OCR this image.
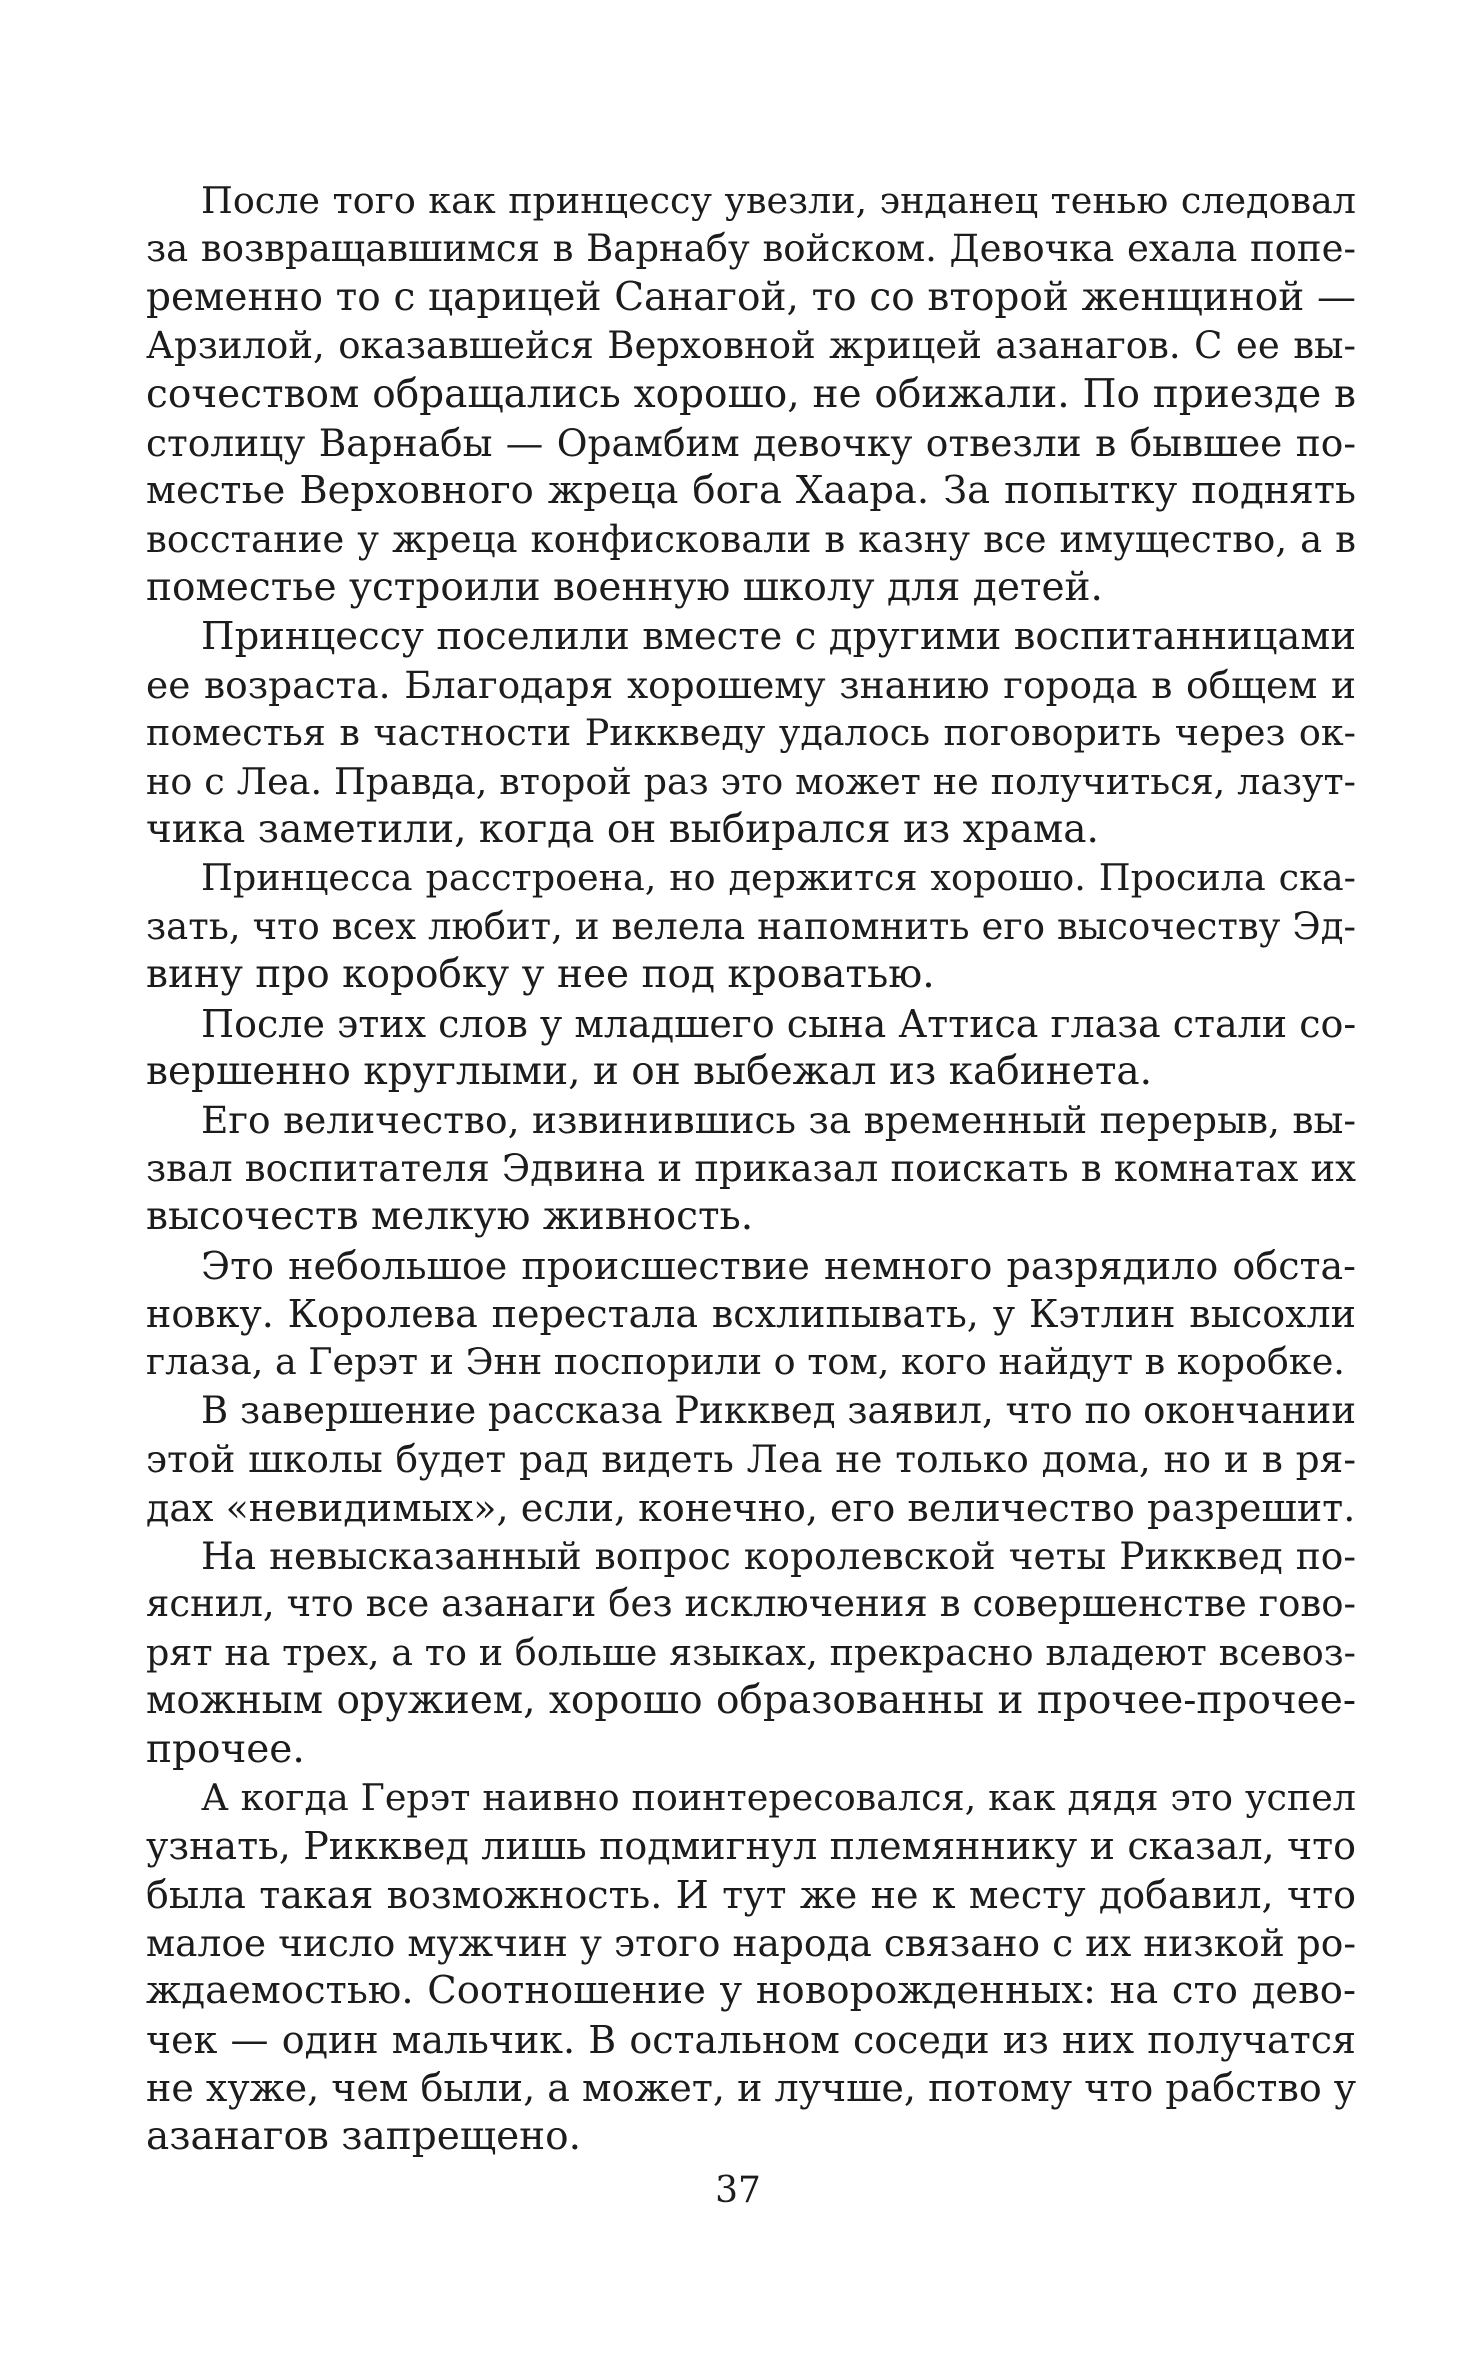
После того как принцессу увезли, энданец тенью следовал
за возвращавшимся в Варнабу войском. Девочка ехала попе-
ременно то с царицей Санагой, то со второй женщиной —
Арзилой, оказавшейся Верховной жрицей азанагов. С ее вы-
сочеством обращались хорошо, не обижали. По приезде в
столицу Варнабы — Орамбим девочку отвезли в бывшее по-
местье Верховного жреца бога Хаара. За попытку поднять
восстание у жреца конфисковали в казну все имущество, а в
поместье устроили военную школу для детей.
Принцессу поселили вместе с другими воспитанницами
ее возраста. Благодаря хорошему знанию города в общем и
поместья в частности Риккведу удалось поговорить через ок-
но с Леа. Правда, второй раз это может не получиться, лазут-
чика заметили, когда он выбирался из храма.
Принцесса расстроена, но держится хорошо. Просила ска-
зать, что всех любит, и велела напомнить его высочеству Эд-
вину про коробку у нее под кроватью.
После этих слов у младшего сына Аттиса глаза стали со-
вершенно круглыми, и он выбежал из кабинета.
Его величество, извинившись за временный перерыв, вы-
звал воспитателя Эдвина и приказал поискать в комнатах их
высочеств мелкую живность.
Это небольшое происшествие немного разрядило обста-
новку. Королева перестала всхлипывать, у Кэтлин высохли
глаза, а Герэт и Энн поспорили о том, кого найдут в коробке.
В завершение рассказа Рикквед заявил, что по окончании
этой школы будет рад видеть Леа не только дома, но и в ря-
дах «невидимых», если, конечно, его величество разрешит.
На невысказанный вопрос королевской четы Рикквед по-
яснил, что все азанаги без исключения в совершенстве гово-
рят на трех, а то и больше языках, прекрасно владеют всевоз-
можным оружием, хорошо образованны и прочее-прочее-
прочее.
А когда Герэт наивно поинтересовался, как дядя это успел
узнать, Рикквед лишь подмигнул племяннику и сказал, что
была такая возможность. И тут же не к месту добавил, что
малое число мужчин у этого народа связано с их низкой ро-
ждаемостью. Соотношение у новорожденных: на сто дево-
чек — один мальчик. В остальном соседи из них получатся
не хуже, чем были, а может, и лучше, потому что рабство у
азанагов запрещено.
37
